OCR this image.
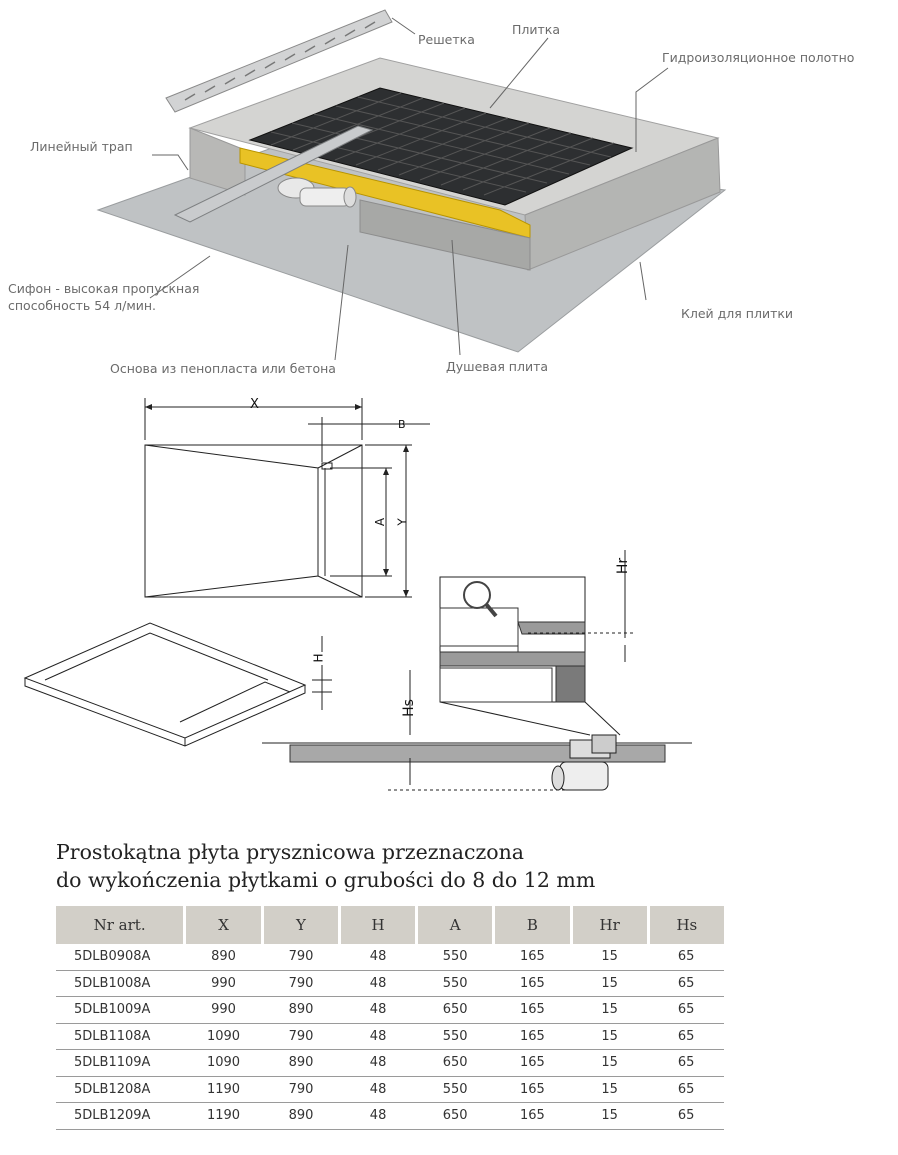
Решетка
Плитка
Гидроизоляционное полотно
Линейный трап
Сифон - высокая пропускная
способность 54 л/мин.
Клей для плитки
Основа из пенопласта или бетона	Душевая плита
X
B
A Y
H
Hr
Hs
Prostokątna płyta prysznicowa przeznaczona
do wykończenia płytkami o grubości do 8 do 12 mm
Nr art.	X	Y	H	A	B	Hr	Hs
5DLB0908A	890	790	48	550	165	15	65
5DLB1008A	990	790	48	550	165	15	65
5DLB1009A	990	890	48	650	165	15	65
5DLB1108A	1090	790	48	550	165	15	65
5DLB1109A	1090	890	48	650	165	15	65
5DLB1208A	1190	790	48	550	165	15	65
5DLB1209A	1190	890	48	650	165	15	65
